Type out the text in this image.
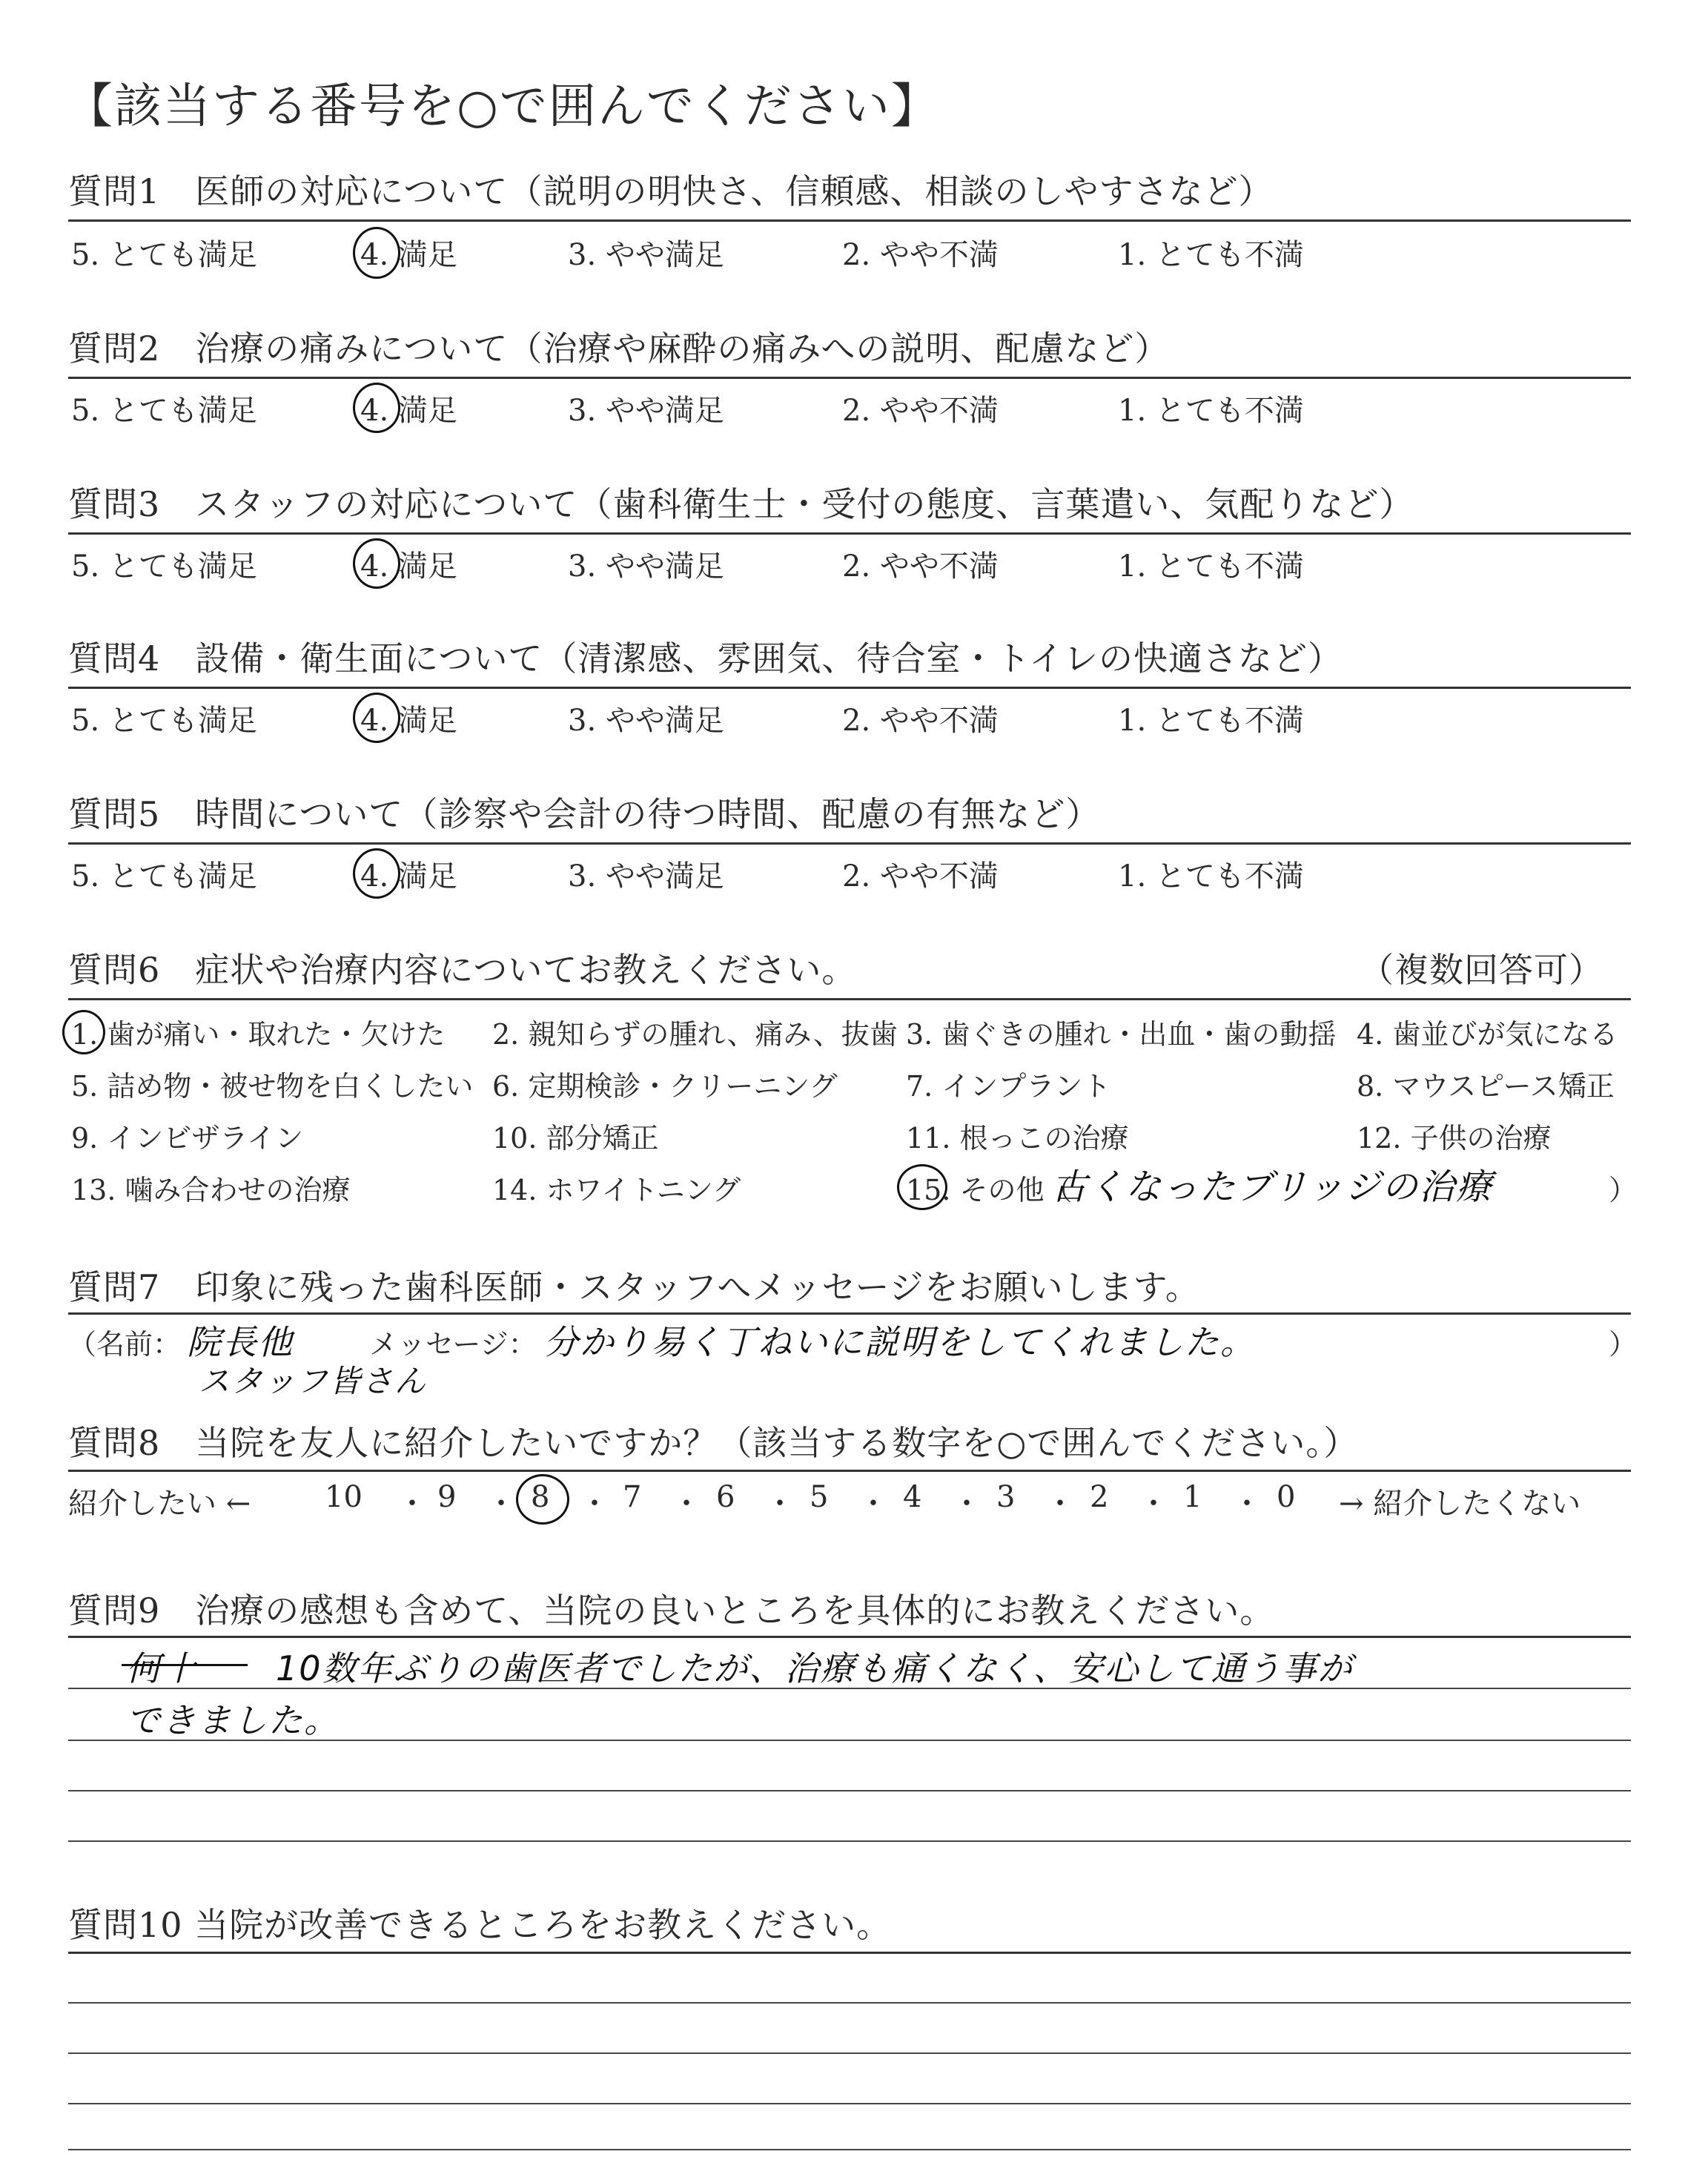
【該当する番号を○で囲んでください】
質問1　医師の対応について（説明の明快さ、信頼感、相談のしやすさなど）
5. とても満足	4. 満足	3. やや満足	2. やや不満	1. とても不満
質問2　治療の痛みについて（治療や麻酔の痛みへの説明、配慮など）
5. とても満足	4. 満足	3. やや満足	2. やや不満	1. とても不満
質問3　スタッフの対応について（歯科衛生士・受付の態度、言葉遣い、気配りなど）
5. とても満足	4. 満足	3. やや満足	2. やや不満	1. とても不満
質問4　設備・衛生面について（清潔感、雰囲気、待合室・トイレの快適さなど）
5. とても満足	4. 満足	3. やや満足	2. やや不満	1. とても不満
質問5　時間について（診察や会計の待つ時間、配慮の有無など）
5. とても満足	4. 満足	3. やや満足	2. やや不満	1. とても不満
質問6　症状や治療内容についてお教えください。	（複数回答可）
1. 歯が痛い・取れた・欠けた 2. 親知らずの腫れ、痛み、抜歯 3. 歯ぐきの腫れ・出血・歯の動揺 4. 歯並びが気になる
5. 詰め物・被せ物を白くしたい 6. 定期検診・クリーニング 7. インプラント	8. マウスピース矯正
9. インビザライン	10. 部分矯正	11. 根っこの治療	12. 子供の治療
13. 噛み合わせの治療	14. ホワイトニング	15. その他（
古くなったブリッジの治療	）
質問7　印象に残った歯科医師・スタッフへメッセージをお願いします。
（名前： 院長他
スタッフ皆さん
メッセージ： 分かり易く丁ねいに説明をしてくれました。	）
質問8　当院を友人に紹介したいですか？（該当する数字を○で囲んでください。）
紹介したい ← 10 ・ 9 ・ 8 ・ 7 ・ 6 ・ 5 ・ 4 ・ 3 ・ 2 ・ 1 ・ 0 → 紹介したくない
質問9　治療の感想も含めて、当院の良いところを具体的にお教えください。
何十 10数年ぶりの歯医者でしたが、治療も痛くなく、安心して通う事が
できました。
質問10 当院が改善できるところをお教えください。
